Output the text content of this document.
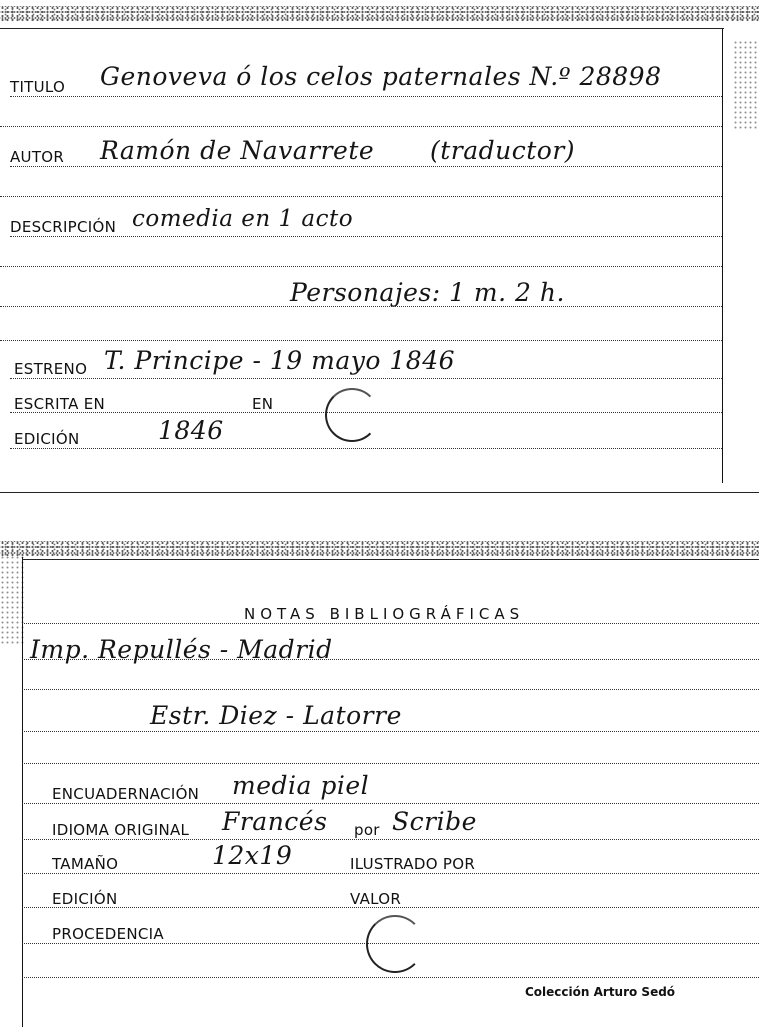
TITULO Genoveva ó los celos paternales N.º 28898
AUTOR Ramón de Navarrete (traductor)
DESCRIPCIÓN comedia en 1 acto
Personajes: 1 m. 2 h.
ESTRENO T. Principe - 19 mayo 1846
ESCRITA EN	EN
EDICIÓN	1846
NOTAS BIBLIOGRÁFICAS
Imp. Repullés - Madrid
Estr. Diez - Latorre
ENCUADERNACIÓN media piel
IDIOMA ORIGINAL Francés por Scribe
TAMAÑO	12x19	ILUSTRADO POR
EDICIÓN	VALOR
PROCEDENCIA
Colección Arturo Sedó
